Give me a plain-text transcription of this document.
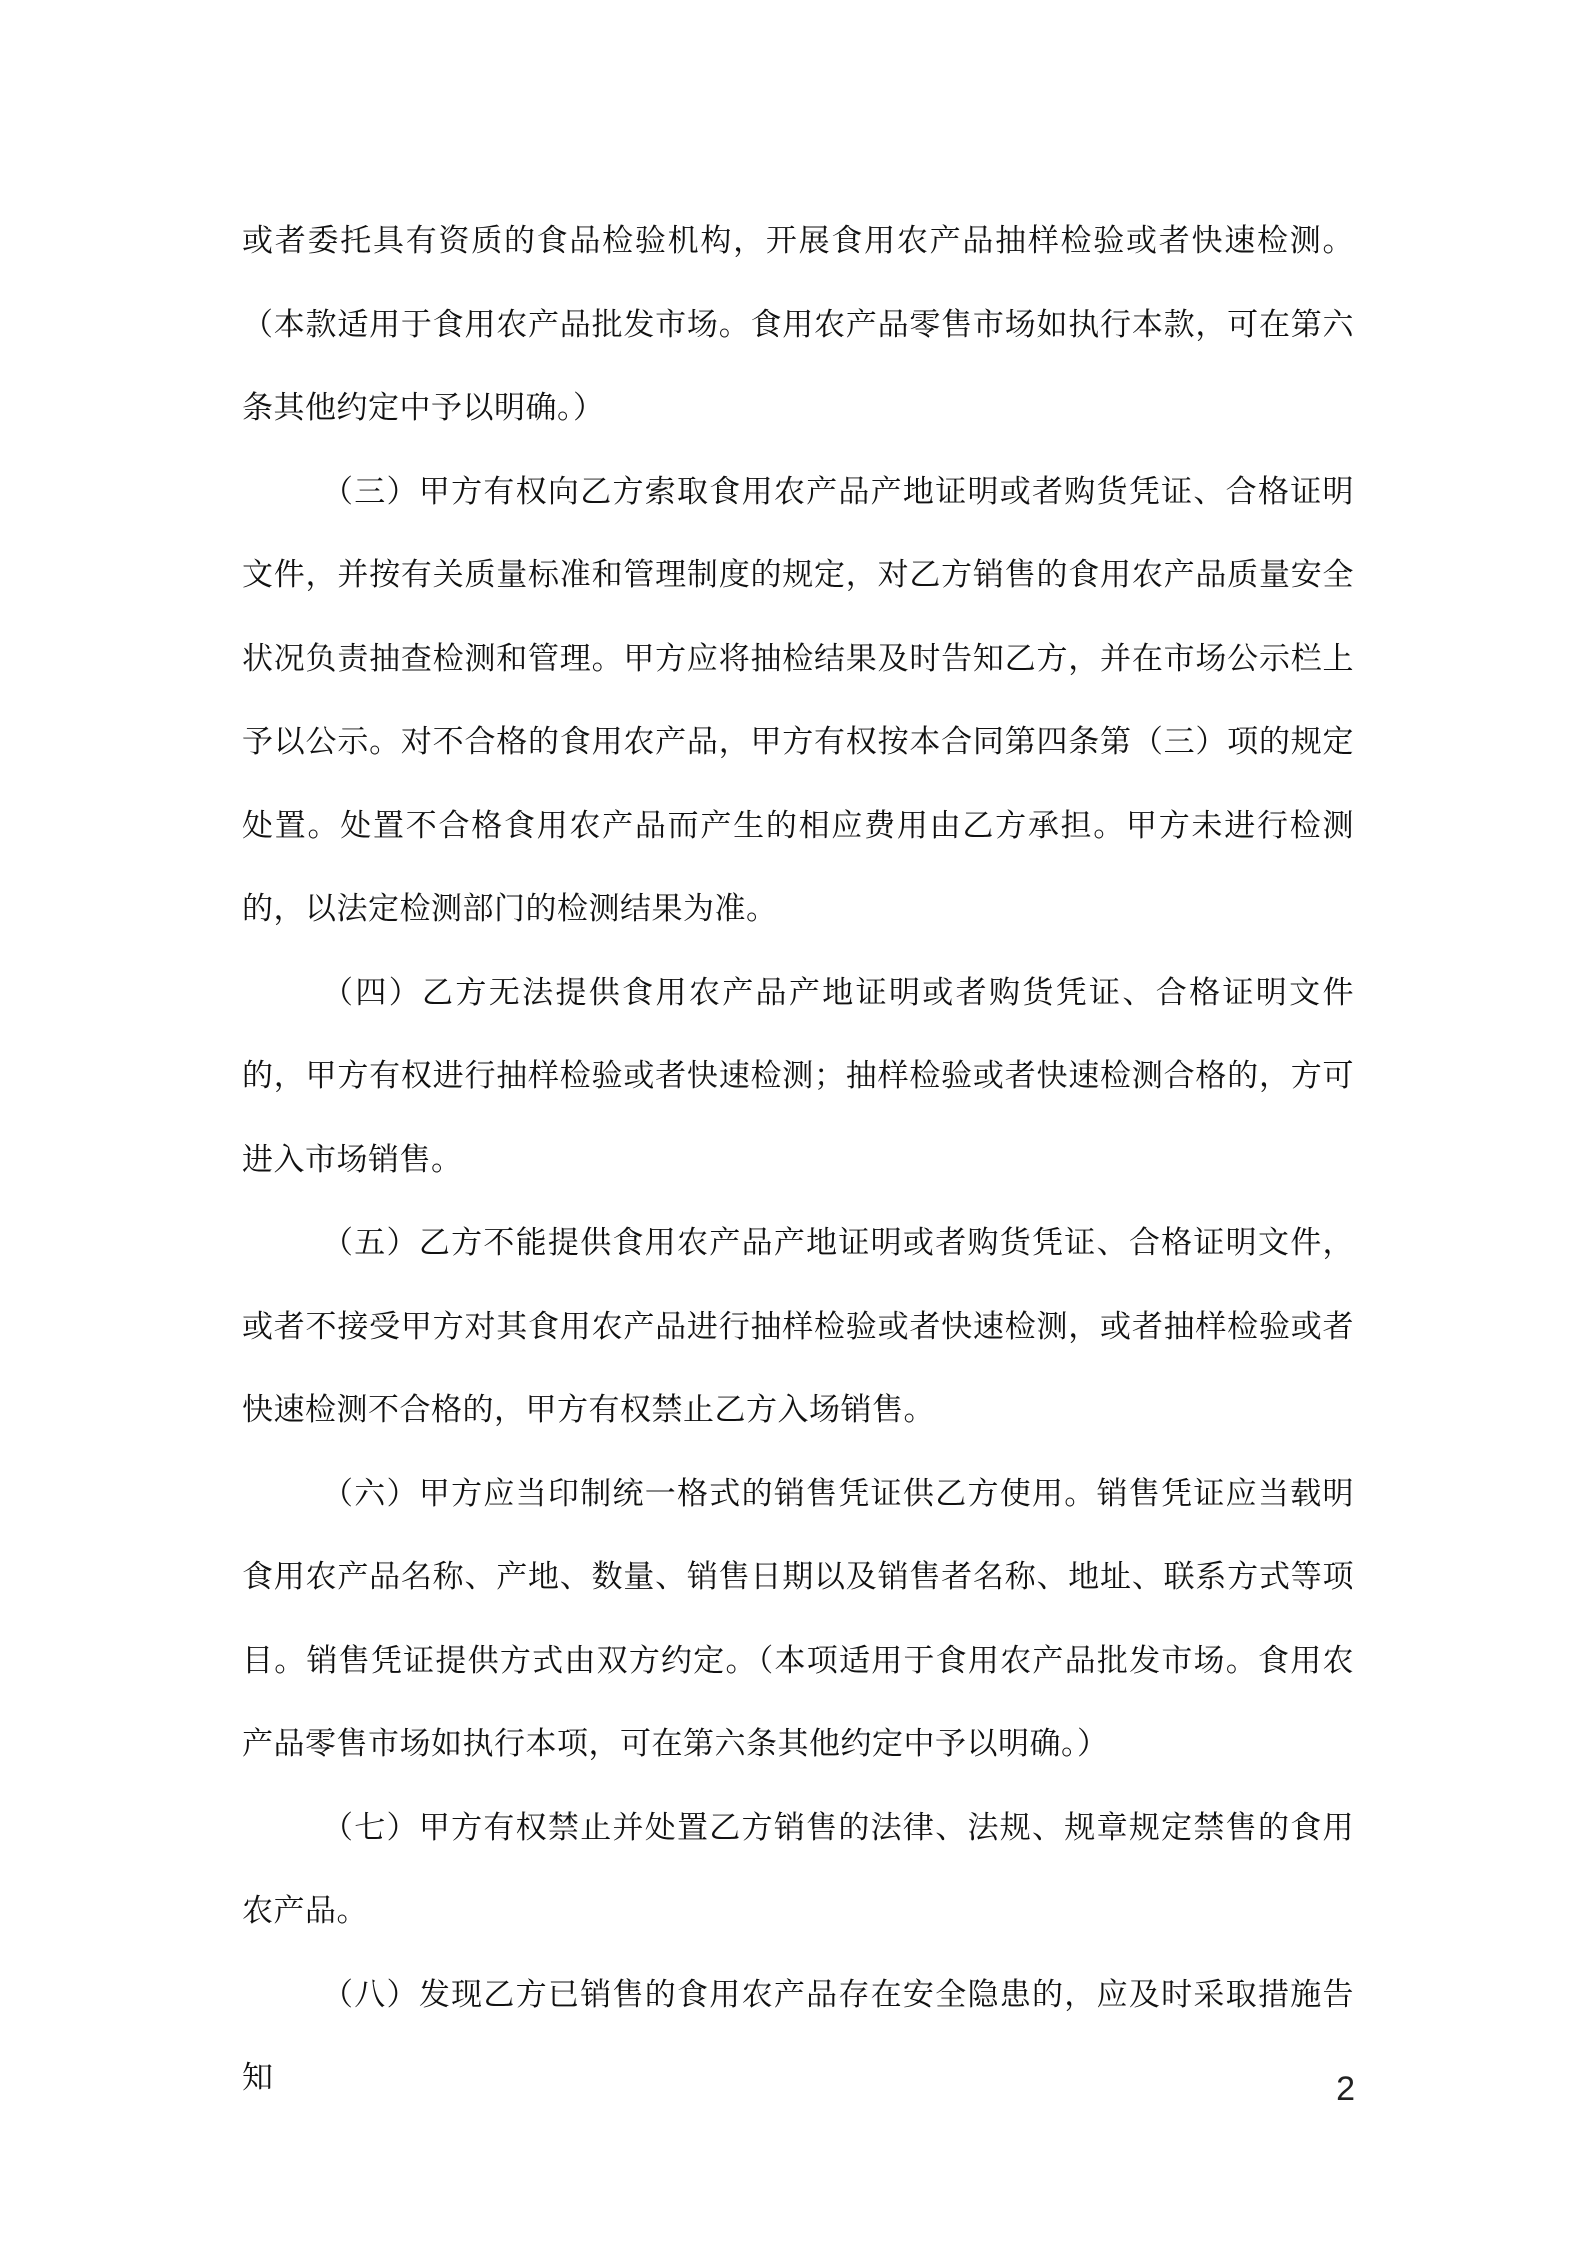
或者委托具有资质的食品检验机构，开展食用农产品抽样检验或者快速检测。（本款适用于食用农产品批发市场。食用农产品零售市场如执行本款，可在第六条其他约定中予以明确。）

（三）甲方有权向乙方索取食用农产品产地证明或者购货凭证、合格证明文件，并按有关质量标准和管理制度的规定，对乙方销售的食用农产品质量安全状况负责抽查检测和管理。甲方应将抽检结果及时告知乙方，并在市场公示栏上予以公示。对不合格的食用农产品，甲方有权按本合同第四条第（三）项的规定处置。处置不合格食用农产品而产生的相应费用由乙方承担。甲方未进行检测的，以法定检测部门的检测结果为准。

（四）乙方无法提供食用农产品产地证明或者购货凭证、合格证明文件的，甲方有权进行抽样检验或者快速检测；抽样检验或者快速检测合格的，方可进入市场销售。

（五）乙方不能提供食用农产品产地证明或者购货凭证、合格证明文件，或者不接受甲方对其食用农产品进行抽样检验或者快速检测，或者抽样检验或者快速检测不合格的，甲方有权禁止乙方入场销售。

（六）甲方应当印制统一格式的销售凭证供乙方使用。销售凭证应当载明食用农产品名称、产地、数量、销售日期以及销售者名称、地址、联系方式等项目。销售凭证提供方式由双方约定。（本项适用于食用农产品批发市场。食用农产品零售市场如执行本项，可在第六条其他约定中予以明确。）

（七）甲方有权禁止并处置乙方销售的法律、法规、规章规定禁售的食用农产品。

（八）发现乙方已销售的食用农产品存在安全隐患的，应及时采取措施告知	2
